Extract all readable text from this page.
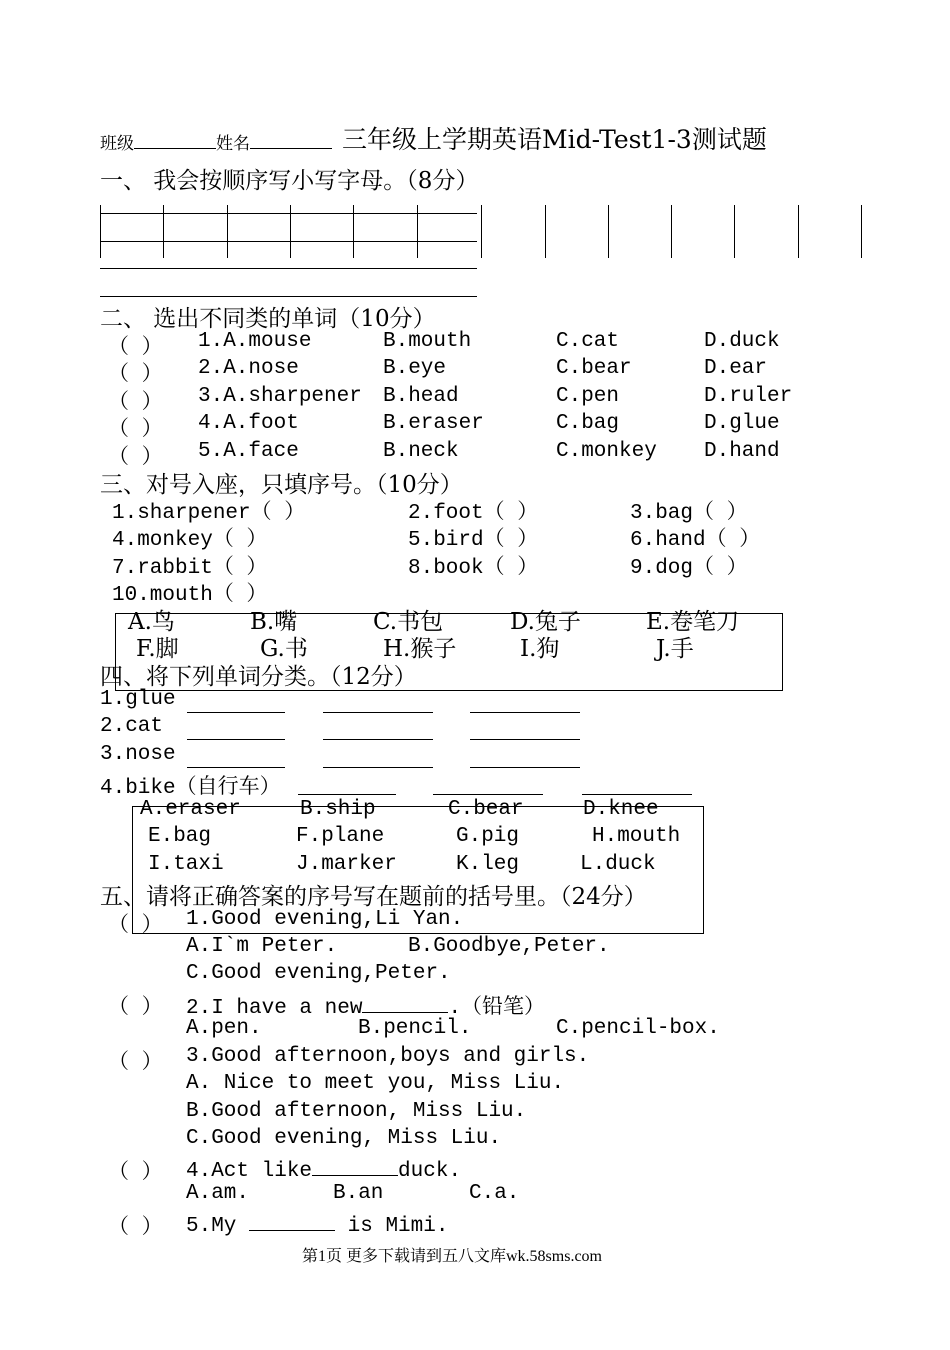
班级	姓名	三年级上学期英语Mid-Test1-3测试题
一、 我会按顺序写小写字母。（8分）
二、 选出不同类的单词（10分）
（ ） 1.A.mouse	B.mouth	C.cat	D.duck
（ ） 2.A.nose	B.eye	C.bear	D.ear
（ ） 3.A.sharpener B.head	C.pen	D.ruler
（ ） 4.A.foot	B.eraser	C.bag	D.glue
（ ） 5.A.face	B.neck	C.monkey D.hand
三、对号入座，只填序号。（10分）
1.sharpener（ ）	2.foot（ ）	3.bag（ ）
4.monkey（ ）	5.bird（ ）	6.hand（ ）
7.rabbit（ ）	8.book（ ）	9.dog（ ）
10.mouth（ ）
A.鸟	B.嘴	C.书包	D.兔子	E.卷笔刀
F.脚	G.书	H.猴子	I.狗	J.手
四、将下列单词分类。（12分）
1.glue
2.cat
3.nose
4.bike（自行车）
A.eraser	B.ship	C.bear	D.knee
E.bag	F.plane	G.pig	H.mouth
I.taxi	J.marker	K.leg	L.duck
五、请将正确答案的序号写在题前的括号里。（24分）
（ ） 1.Good evening,Li Yan.
A.I`m Peter.	B.Goodbye,Peter.
C.Good evening,Peter.
（ ） 2.I have a new	.（铅笔）
A.pen.	B.pencil.	C.pencil-box.
（ ） 3.Good afternoon,boys and girls.
A. Nice to meet you, Miss Liu.
B.Good afternoon, Miss Liu.
C.Good evening, Miss Liu.
（ ） 4.Act like	duck.
A.am.	B.an	C.a.
（ ） 5.My	is Mimi.
第1页 更多下载请到五八文库wk.58sms.com
